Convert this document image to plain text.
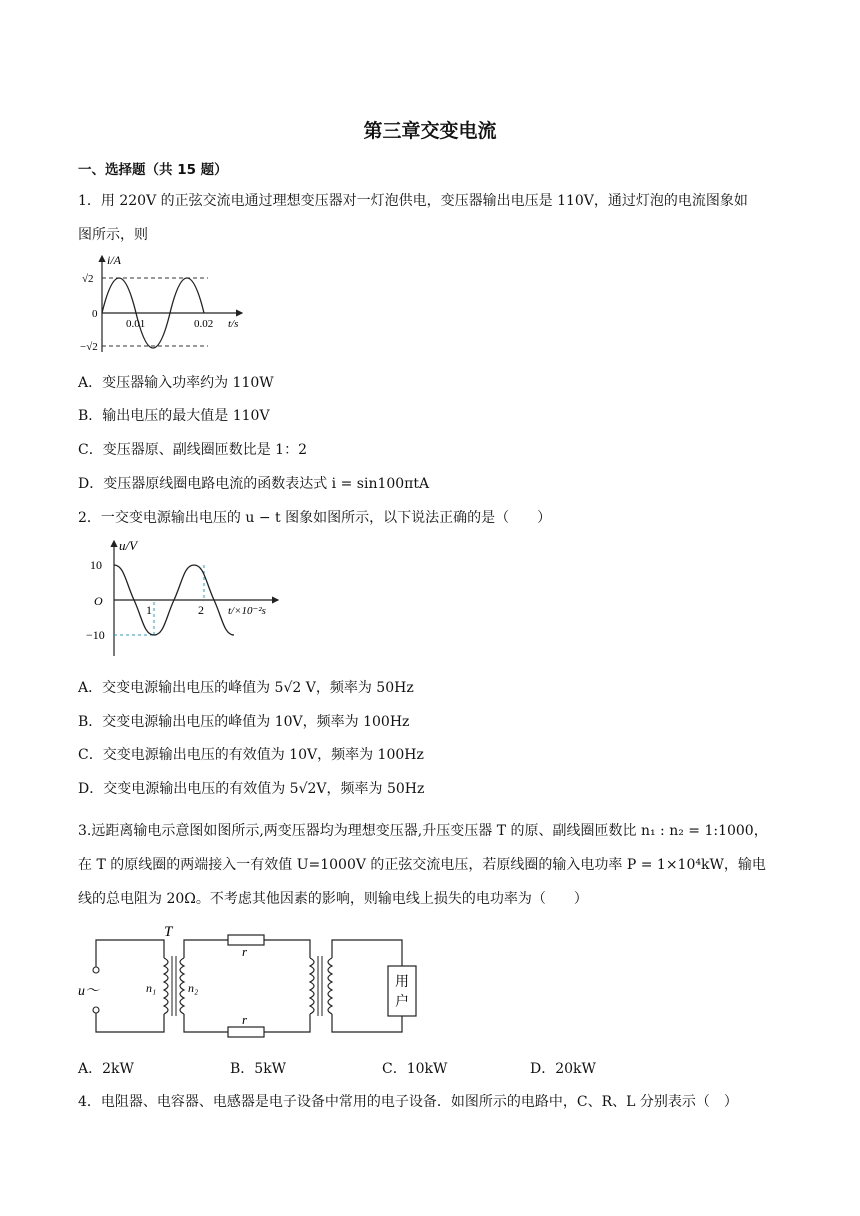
第三章交变电流
一、选择题（共 15 题）
1．用 220V 的正弦交流电通过理想变压器对一灯泡供电，变压器输出电压是 110V，通过灯泡的电流图象如
图所示，则
i/A
√2
0
−√2
0.01	0.02 t/s
A．变压器输入功率约为 110W
B．输出电压的最大值是 110V
C．变压器原、副线圈匝数比是 1：2
D．变压器原线圈电路电流的函数表达式 i = sin100πtA
2．一交变电源输出电压的 u − t 图象如图所示，以下说法正确的是（　　）
u/V
10
O
−10
1	2 t/×10⁻²s
A．交变电源输出电压的峰值为 5√2 V，频率为 50Hz
B．交变电源输出电压的峰值为 10V，频率为 100Hz
C．交变电源输出电压的有效值为 10V，频率为 100Hz
D．交变电源输出电压的有效值为 5√2V，频率为 50Hz
3.远距离输电示意图如图所示,两变压器均为理想变压器,升压变压器 T 的原、副线圈匝数比 n₁ : n₂ = 1:1000，
在 T 的原线圈的两端接入一有效值 U=1000V 的正弦交流电压，若原线圈的输入电功率 P = 1×10⁴kW，输电
线的总电阻为 20Ω。不考虑其他因素的影响，则输电线上损失的电功率为（　　）
T
u～	n₁	n₂
r
r
用户
A．2kW	B．5kW	C．10kW	D．20kW
4．电阻器、电容器、电感器是电子设备中常用的电子设备．如图所示的电路中，C、R、L 分别表示（　）
